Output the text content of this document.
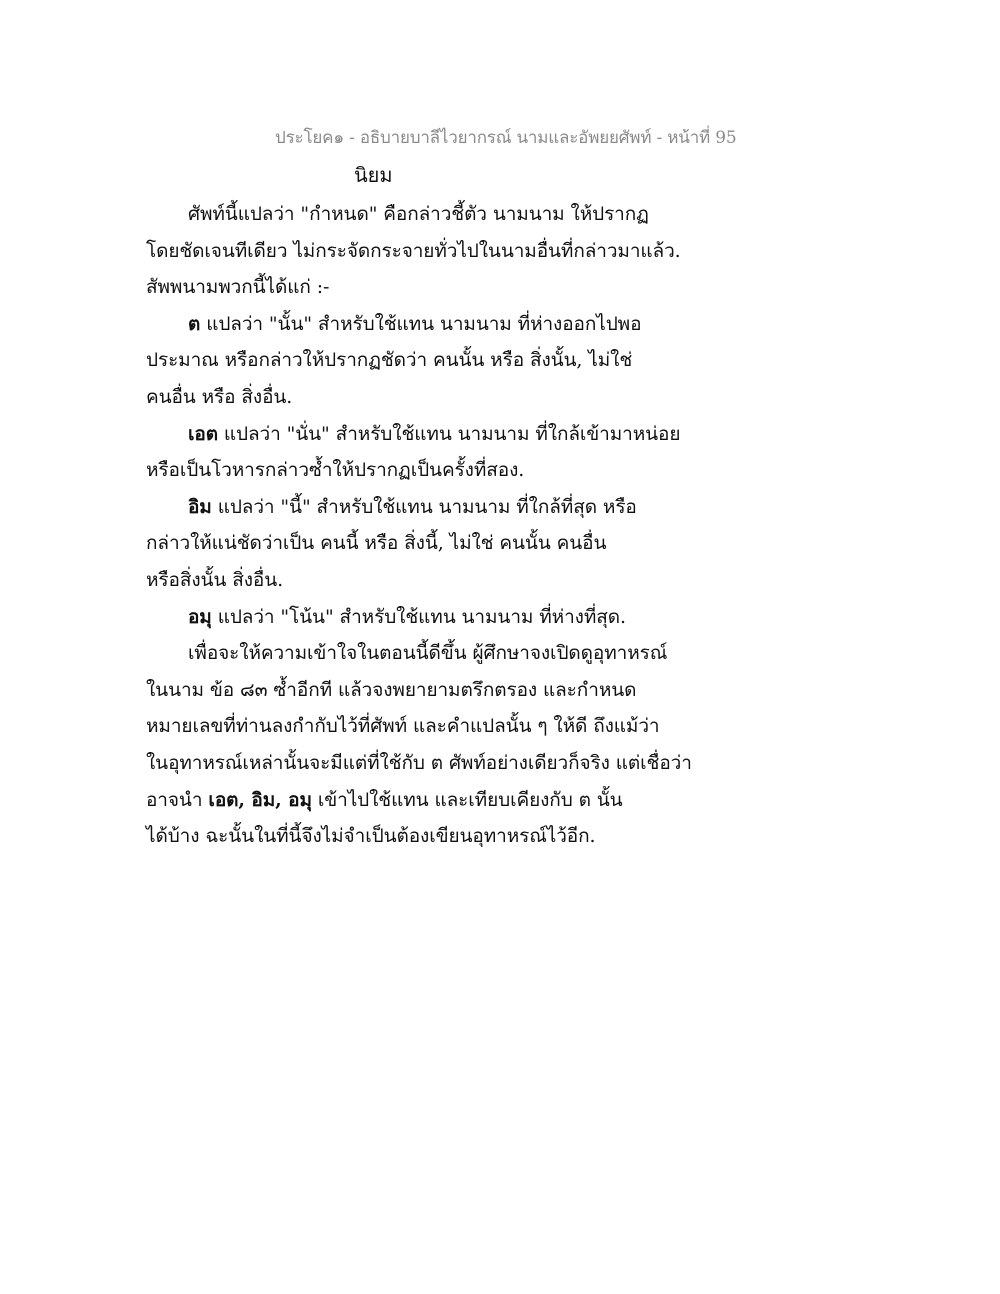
ประโยค๑ - อธิบายบาลีไวยากรณ์ นามและอัพยยศัพท์ - หน้าที่ 95
นิยม
ศัพท์นี้แปลว่า "กำหนด" คือกล่าวชี้ตัว นามนาม ให้ปรากฏ
โดยชัดเจนทีเดียว ไม่กระจัดกระจายทั่วไปในนามอื่นที่กล่าวมาแล้ว.
สัพพนามพวกนี้ได้แก่ :-
ต แปลว่า "นั้น" สำหรับใช้แทน นามนาม ที่ห่างออกไปพอ
ประมาณ หรือกล่าวให้ปรากฏชัดว่า คนนั้น หรือ สิ่งนั้น, ไม่ใช่
คนอื่น หรือ สิ่งอื่น.
เอต แปลว่า "นั่น" สำหรับใช้แทน นามนาม ที่ใกล้เข้ามาหน่อย
หรือเป็นโวหารกล่าวซ้ำให้ปรากฏเป็นครั้งที่สอง.
อิม แปลว่า "นี้" สำหรับใช้แทน นามนาม ที่ใกล้ที่สุด หรือ
กล่าวให้แน่ชัดว่าเป็น คนนี้ หรือ สิ่งนี้, ไม่ใช่ คนนั้น คนอื่น
หรือสิ่งนั้น สิ่งอื่น.
อมุ แปลว่า "โน้น" สำหรับใช้แทน นามนาม ที่ห่างที่สุด.
เพื่อจะให้ความเข้าใจในตอนนี้ดีขึ้น ผู้ศึกษาจงเปิดดูอุทาหรณ์
ในนาม ข้อ ๘๓ ซ้ำอีกที แล้วจงพยายามตรึกตรอง และกำหนด
หมายเลขที่ท่านลงกำกับไว้ที่ศัพท์ และคำแปลนั้น ๆ ให้ดี ถึงแม้ว่า
ในอุทาหรณ์เหล่านั้นจะมีแต่ที่ใช้กับ ต ศัพท์อย่างเดียวก็จริง แต่เชื่อว่า
อาจนำ เอต, อิม, อมุ เข้าไปใช้แทน และเทียบเคียงกับ ต นั้น
ได้บ้าง ฉะนั้นในที่นี้จึงไม่จำเป็นต้องเขียนอุทาหรณ์ไว้อีก.
